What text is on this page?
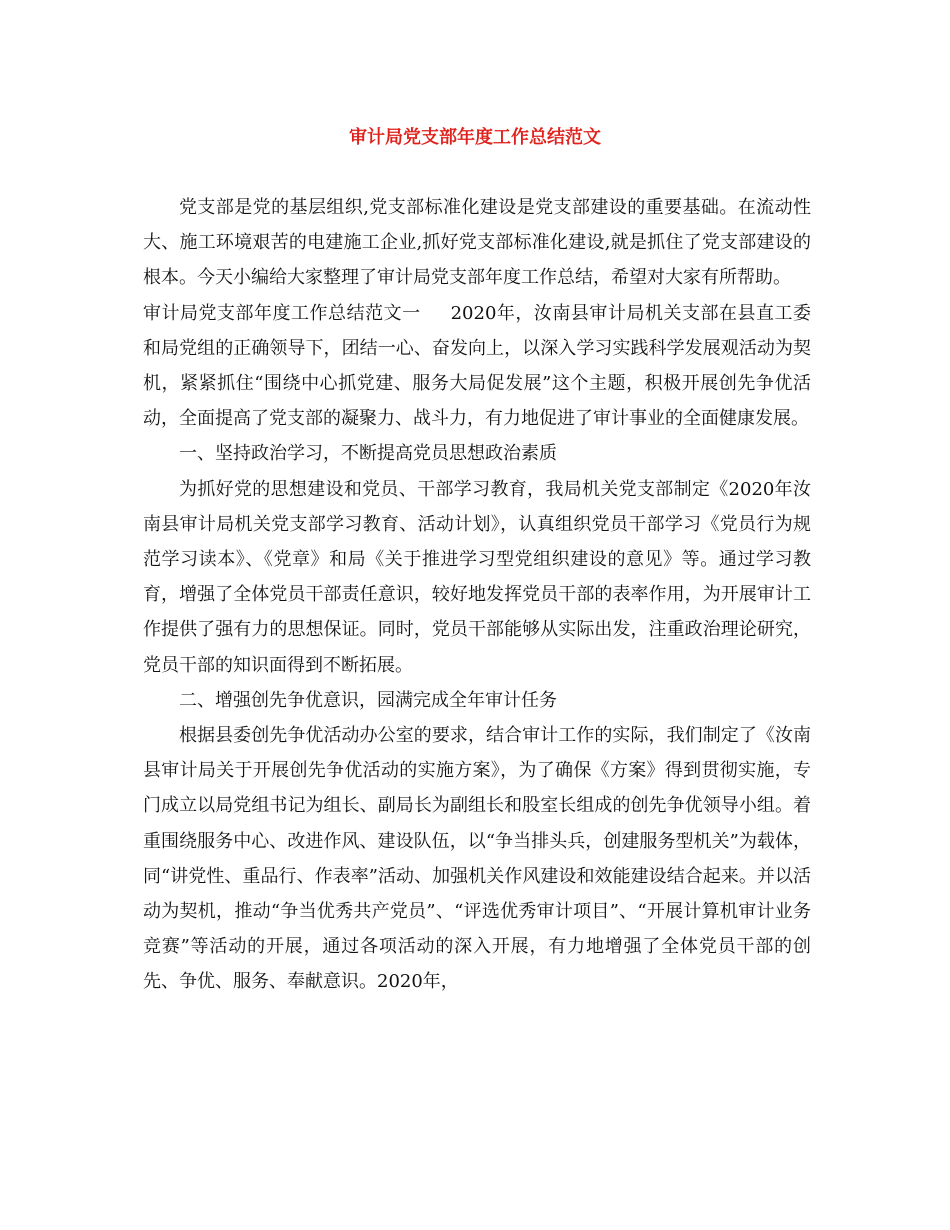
审计局党支部年度工作总结范文

党支部是党的基层组织,党支部标准化建设是党支部建设的重要基础。在流动性大、施工环境艰苦的电建施工企业,抓好党支部标准化建设,就是抓住了党支部建设的根本。今天小编给大家整理了审计局党支部年度工作总结，希望对大家有所帮助。

审计局党支部年度工作总结范文一 2020年，汝南县审计局机关支部在县直工委和局党组的正确领导下，团结一心、奋发向上，以深入学习实践科学发展观活动为契机，紧紧抓住“围绕中心抓党建、服务大局促发展”这个主题，积极开展创先争优活动，全面提高了党支部的凝聚力、战斗力，有力地促进了审计事业的全面健康发展。

一、坚持政治学习，不断提高党员思想政治素质

为抓好党的思想建设和党员、干部学习教育，我局机关党支部制定《2020年汝南县审计局机关党支部学习教育、活动计划》，认真组织党员干部学习《党员行为规范学习读本》、《党章》和局《关于推进学习型党组织建设的意见》等。通过学习教育，增强了全体党员干部责任意识，较好地发挥党员干部的表率作用，为开展审计工作提供了强有力的思想保证。同时，党员干部能够从实际出发，注重政治理论研究，党员干部的知识面得到不断拓展。

二、增强创先争优意识，园满完成全年审计任务

根据县委创先争优活动办公室的要求，结合审计工作的实际，我们制定了《汝南县审计局关于开展创先争优活动的实施方案》，为了确保《方案》得到贯彻实施，专门成立以局党组书记为组长、副局长为副组长和股室长组成的创先争优领导小组。着重围绕服务中心、改进作风、建设队伍，以“争当排头兵，创建服务型机关”为载体，同“讲党性、重品行、作表率”活动、加强机关作风建设和效能建设结合起来。并以活动为契机，推动“争当优秀共产党员”、“评选优秀审计项目”、“开展计算机审计业务竞赛”等活动的开展，通过各项活动的深入开展，有力地增强了全体党员干部的创先、争优、服务、奉献意识。2020年，
